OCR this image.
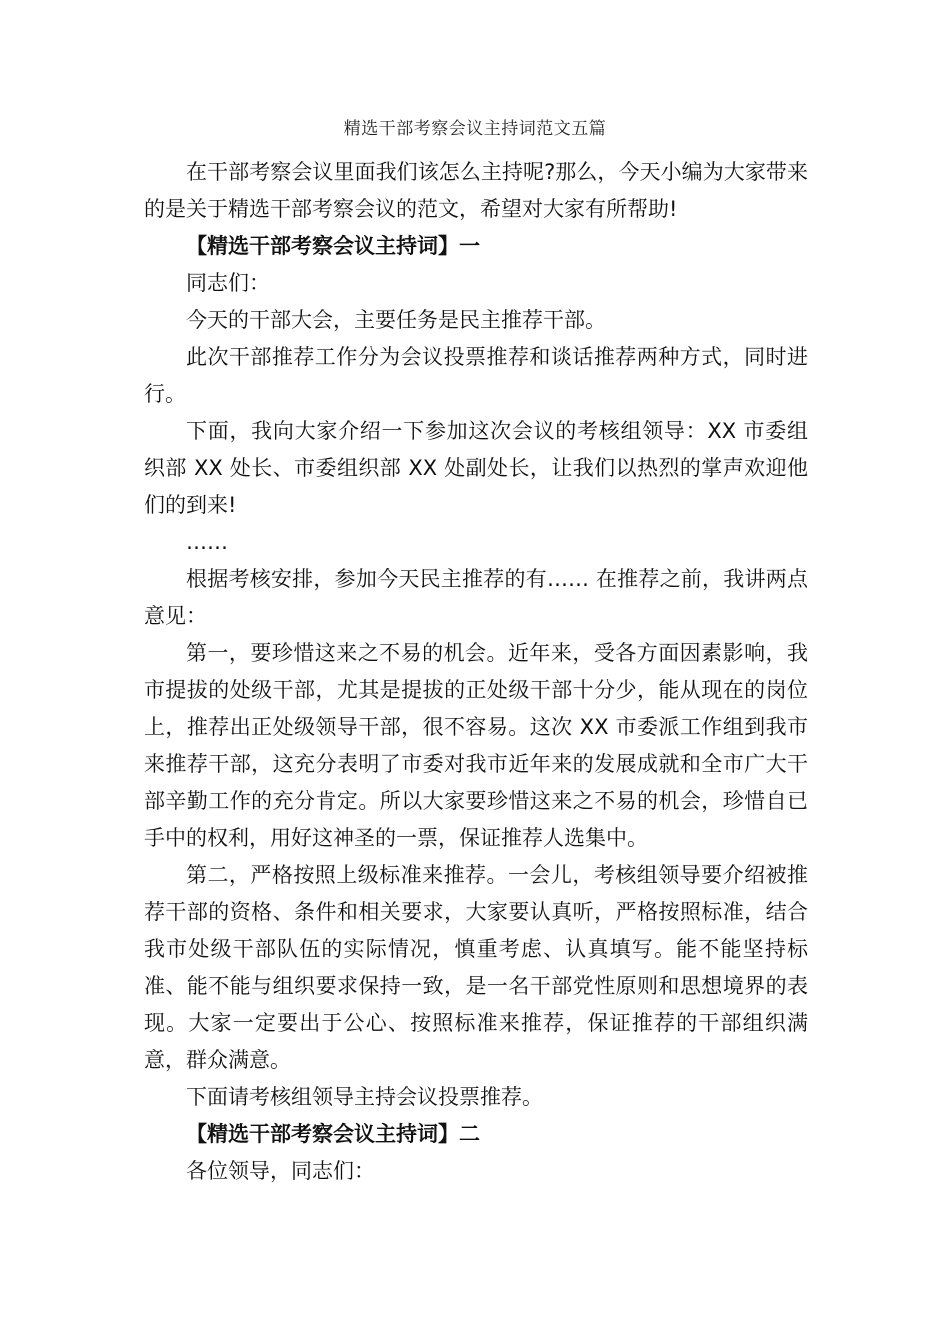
精选干部考察会议主持词范文五篇

在干部考察会议里面我们该怎么主持呢?那么，今天小编为大家带来的是关于精选干部考察会议的范文，希望对大家有所帮助!

【精选干部考察会议主持词】一

同志们：

今天的干部大会，主要任务是民主推荐干部。

此次干部推荐工作分为会议投票推荐和谈话推荐两种方式，同时进行。

下面，我向大家介绍一下参加这次会议的考核组领导：XX 市委组织部 XX 处长、市委组织部 XX 处副处长，让我们以热烈的掌声欢迎他们的到来!

……

根据考核安排，参加今天民主推荐的有…… 在推荐之前，我讲两点意见：

第一，要珍惜这来之不易的机会。近年来，受各方面因素影响，我市提拔的处级干部，尤其是提拔的正处级干部十分少，能从现在的岗位上，推荐出正处级领导干部，很不容易。这次 XX 市委派工作组到我市来推荐干部，这充分表明了市委对我市近年来的发展成就和全市广大干部辛勤工作的充分肯定。所以大家要珍惜这来之不易的机会，珍惜自已手中的权利，用好这神圣的一票，保证推荐人选集中。

第二，严格按照上级标准来推荐。一会儿，考核组领导要介绍被推荐干部的资格、条件和相关要求，大家要认真听，严格按照标准，结合我市处级干部队伍的实际情况，慎重考虑、认真填写。能不能坚持标准、能不能与组织要求保持一致，是一名干部党性原则和思想境界的表现。大家一定要出于公心、按照标准来推荐，保证推荐的干部组织满意，群众满意。

下面请考核组领导主持会议投票推荐。

【精选干部考察会议主持词】二

各位领导，同志们：
